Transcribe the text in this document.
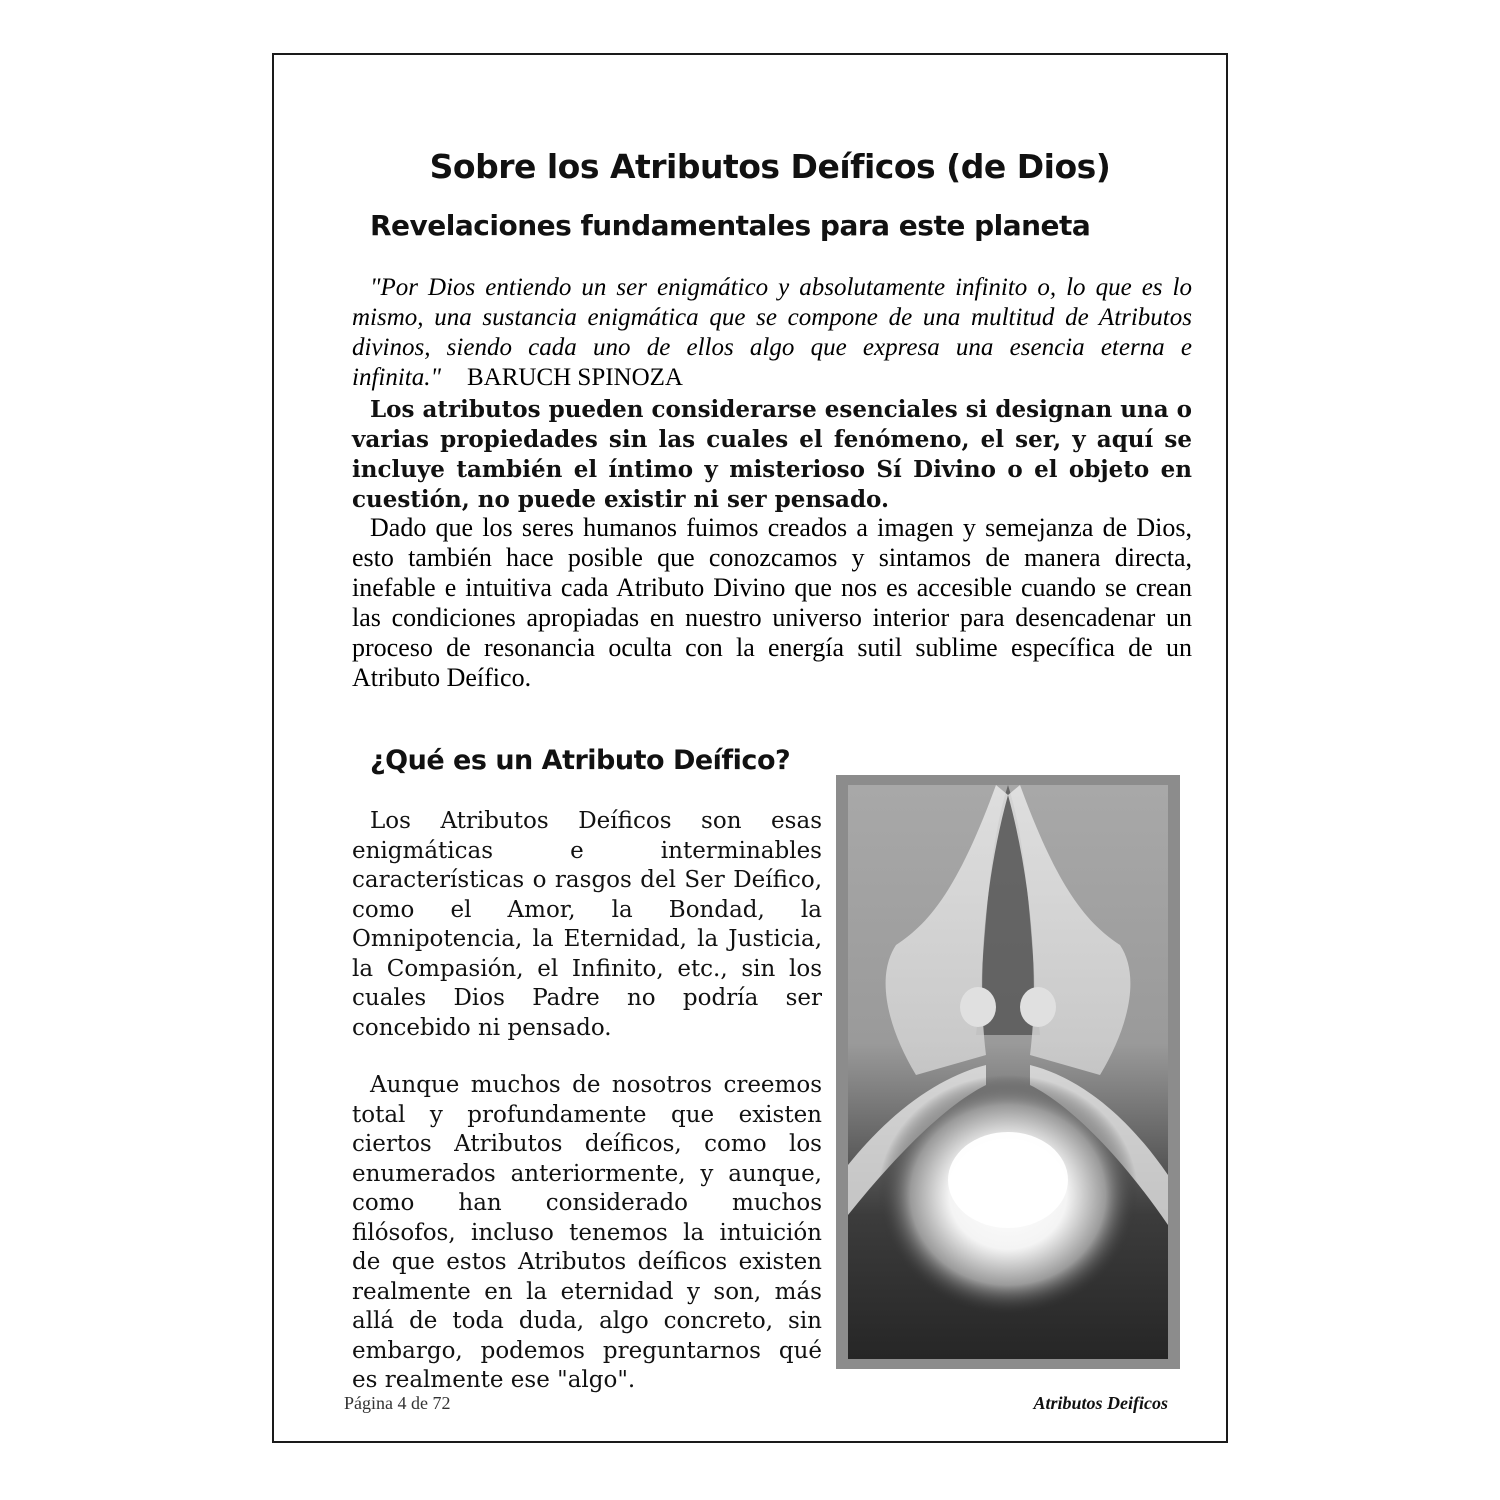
Sobre los Atributos Deíficos (de Dios)
Revelaciones fundamentales para este planeta

"Por Dios entiendo un ser enigmático y absolutamente infinito o, lo que es lo mismo, una sustancia enigmática que se compone de una multitud de Atributos divinos, siendo cada uno de ellos algo que expresa una esencia eterna e infinita." BARUCH SPINOZA

Los atributos pueden considerarse esenciales si designan una o varias propiedades sin las cuales el fenómeno, el ser, y aquí se incluye también el íntimo y misterioso Sí Divino o el objeto en cuestión, no puede existir ni ser pensado.

Dado que los seres humanos fuimos creados a imagen y semejanza de Dios, esto también hace posible que conozcamos y sintamos de manera directa, inefable e intuitiva cada Atributo Divino que nos es accesible cuando se crean las condiciones apropiadas en nuestro universo interior para desencadenar un proceso de resonancia oculta con la energía sutil sublime específica de un Atributo Deífico.

¿Qué es un Atributo Deífico?

Los Atributos Deíficos son esas enigmáticas e interminables características o rasgos del Ser Deífico, como el Amor, la Bondad, la Omnipotencia, la Eternidad, la Justicia, la Compasión, el Infinito, etc., sin los cuales Dios Padre no podría ser concebido ni pensado.

Aunque muchos de nosotros creemos total y profundamente que existen ciertos Atributos deíficos, como los enumerados anteriormente, y aunque, como han considerado muchos filósofos, incluso tenemos la intuición de que estos Atributos deíficos existen realmente en la eternidad y son, más allá de toda duda, algo concreto, sin embargo, podemos preguntarnos qué es realmente ese "algo".

Página 4 de 72	Atributos Deificos
